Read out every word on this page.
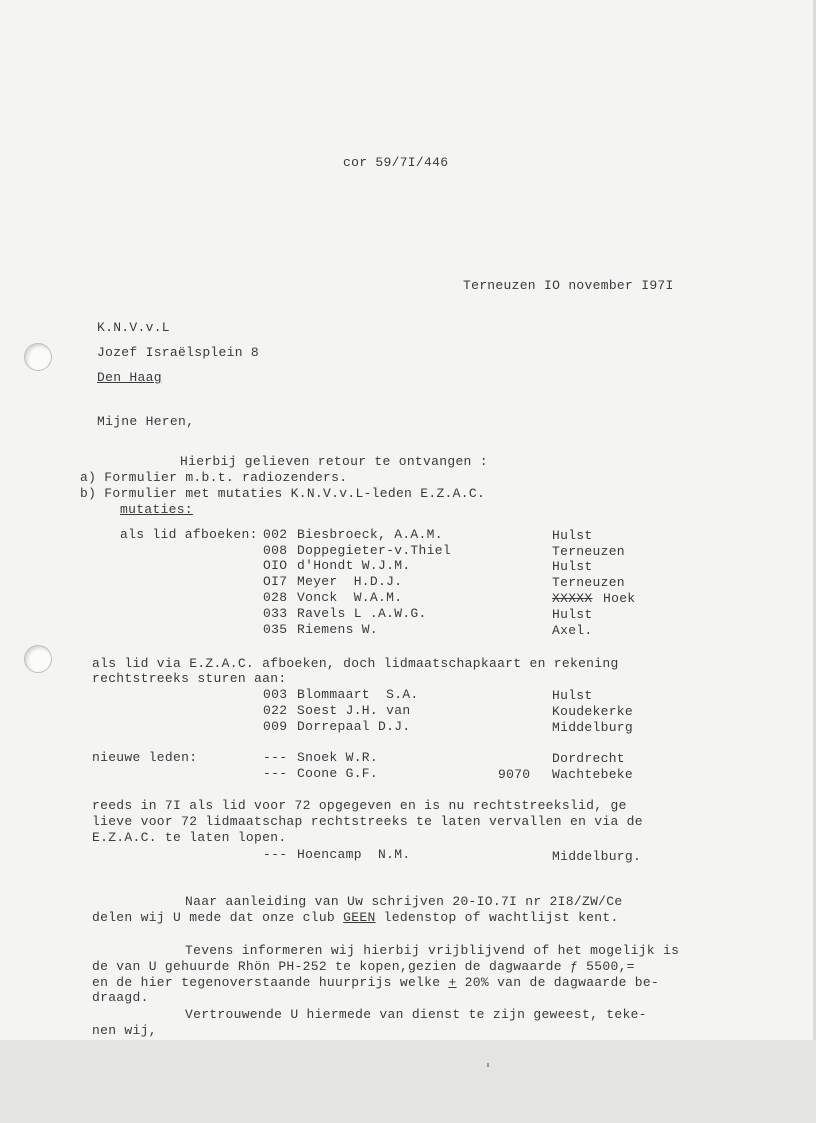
cor 59/7I/446
Terneuzen IO november I97I
K.N.V.v.L
Jozef Israëlsplein 8
Den Haag
Mijne Heren,
Hierbij gelieven retour te ontvangen :
a) Formulier m.b.t. radiozenders.
b) Formulier met mutaties K.N.V.v.L-leden E.Z.A.C.
mutaties:
als lid afboeken: 002 Biesbroeck, A.A.M.	Hulst
008 Doppegieter-v.Thiel	Terneuzen
OIO d'Hondt W.J.M.	Hulst
OI7 Meyer  H.D.J.	Terneuzen
028 Vonck  W.A.M.	XXXXX Hoek
033 Ravels L .A.W.G.	Hulst
035 Riemens W.	Axel.
als lid via E.Z.A.C. afboeken, doch lidmaatschapkaart en rekening
rechtstreeks sturen aan:
003 Blommaart  S.A.	Hulst
022 Soest J.H. van	Koudekerke
009 Dorrepaal D.J.	Middelburg
nieuwe leden:	--- Snoek W.R.	Dordrecht
--- Coone G.F.	9070 Wachtebeke
reeds in 7I als lid voor 72 opgegeven en is nu rechtstreekslid, ge
lieve voor 72 lidmaatschap rechtstreeks te laten vervallen en via de
E.Z.A.C. te laten lopen.
--- Hoencamp  N.M.	Middelburg.
Naar aanleiding van Uw schrijven 20-IO.7I nr 2I8/ZW/Ce
delen wij U mede dat onze club GEEN ledenstop of wachtlijst kent.
Tevens informeren wij hierbij vrijblijvend of het mogelijk is
de van U gehuurde Rhön PH-252 te kopen,gezien de dagwaarde ƒ 5500,=
en de hier tegenoverstaande huurprijs welke + 20% van de dagwaarde be-
draagd.
Vertrouwende U hiermede van dienst te zijn geweest, teke-
nen wij,
